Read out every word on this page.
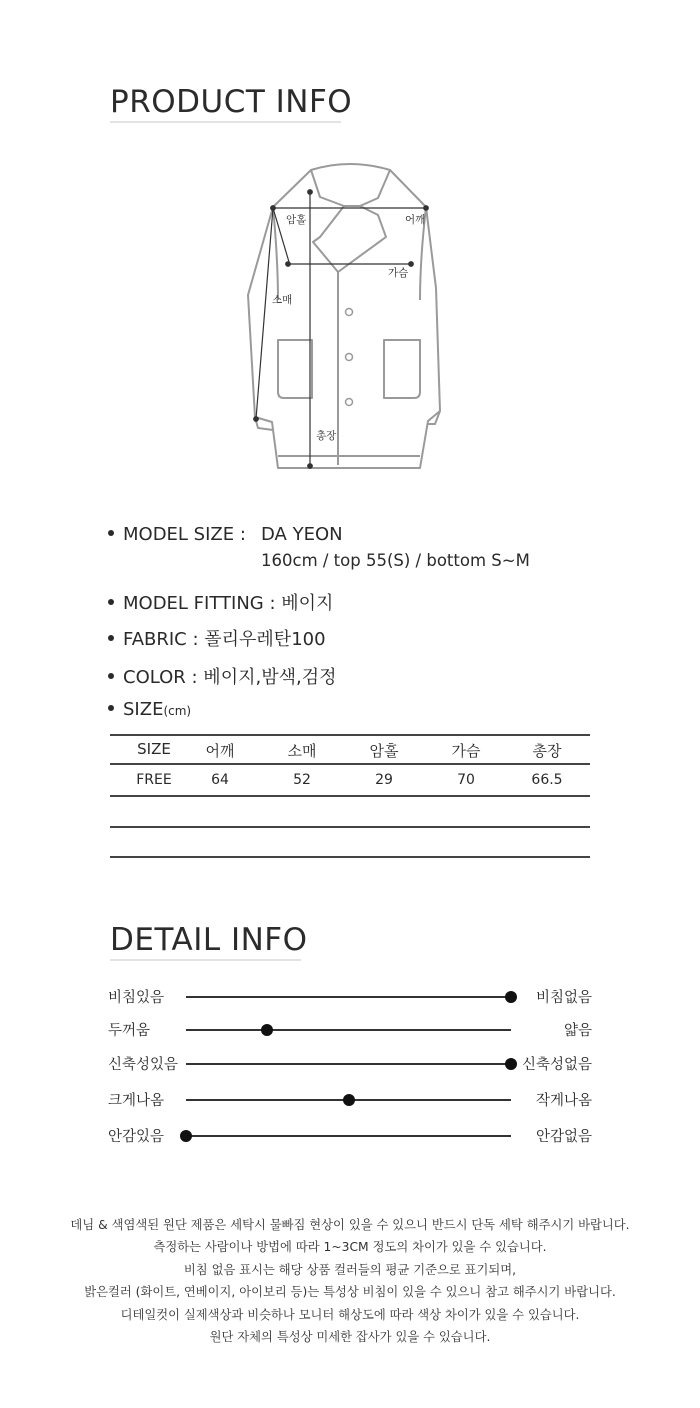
PRODUCT INFO
암홀	어깨
가슴
소매
총장
MODEL SIZE : DA YEON
160cm / top 55(S) / bottom S~M
MODEL FITTING : 베이지
FABRIC : 폴리우레탄100
COLOR : 베이지,밤색,검정
SIZE(cm)
SIZE	어깨	소매	암홀	가슴	총장
FREE	64	52	29	70	66.5
DETAIL INFO
비침있음	비침없음
두꺼움	얇음
신축성있음	신축성없음
크게나옴	작게나옴
안감있음	안감없음
데님 & 색염색된 원단 제품은 세탁시 물빠짐 현상이 있을 수 있으니 반드시 단독 세탁 해주시기 바랍니다.
측정하는 사람이나 방법에 따라 1~3CM 정도의 차이가 있을 수 있습니다.
비침 없음 표시는 해당 상품 컬러들의 평균 기준으로 표기되며,
밝은컬러 (화이트, 연베이지, 아이보리 등)는 특성상 비침이 있을 수 있으니 참고 해주시기 바랍니다.
디테일컷이 실제색상과 비슷하나 모니터 해상도에 따라 색상 차이가 있을 수 있습니다.
원단 자체의 특성상 미세한 잡사가 있을 수 있습니다.
